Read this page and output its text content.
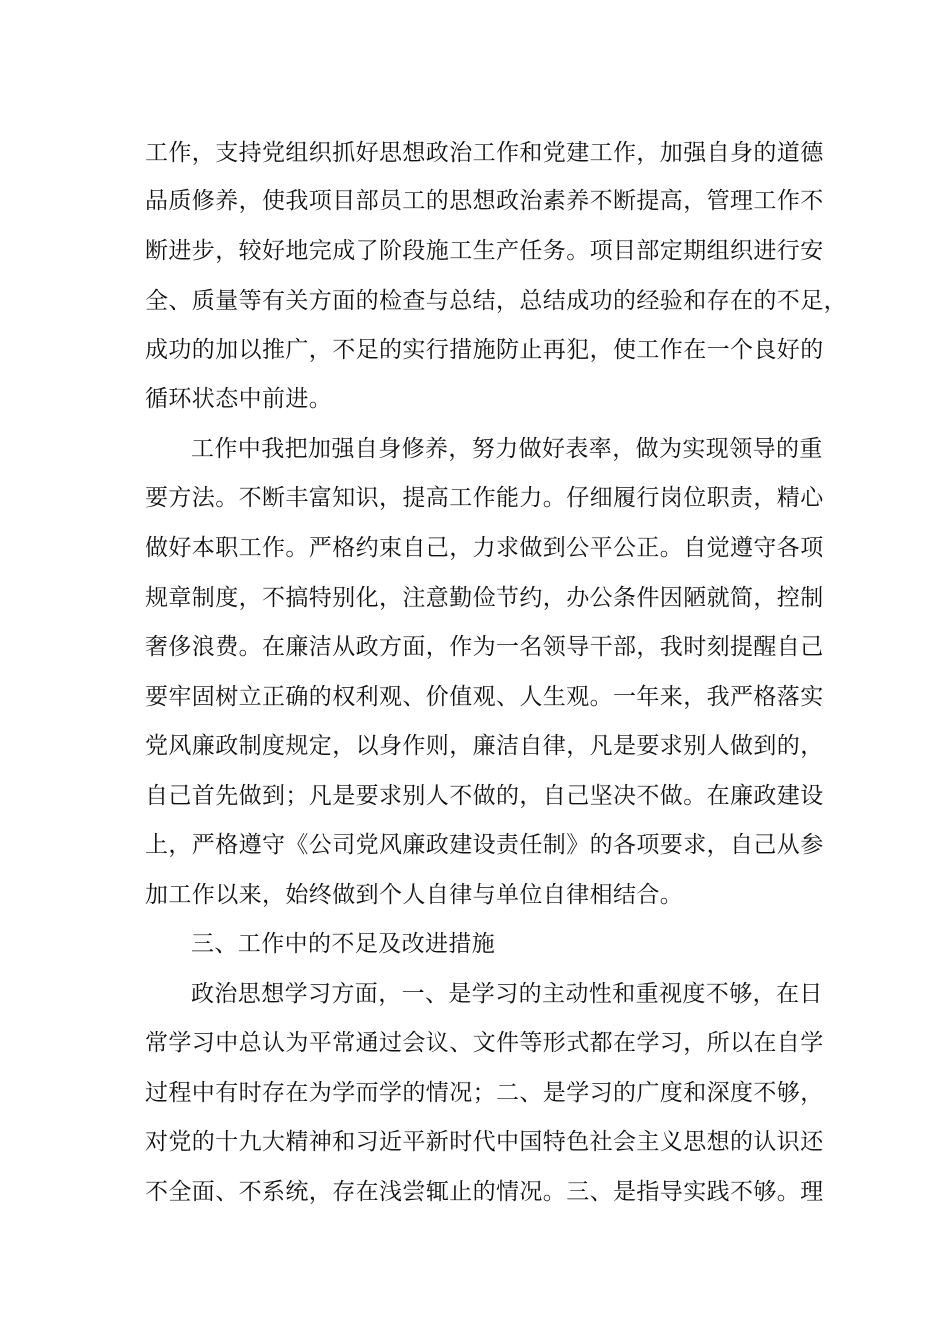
工作，支持党组织抓好思想政治工作和党建工作，加强自身的道德

品质修养，使我项目部员工的思想政治素养不断提高，管理工作不

断进步，较好地完成了阶段施工生产任务。项目部定期组织进行安

全、质量等有关方面的检查与总结，总结成功的经验和存在的不足，

成功的加以推广，不足的实行措施防止再犯，使工作在一个良好的

循环状态中前进。

工作中我把加强自身修养，努力做好表率，做为实现领导的重

要方法。不断丰富知识，提高工作能力。仔细履行岗位职责，精心

做好本职工作。严格约束自己，力求做到公平公正。自觉遵守各项

规章制度，不搞特别化，注意勤俭节约，办公条件因陋就简，控制

奢侈浪费。在廉洁从政方面，作为一名领导干部，我时刻提醒自己

要牢固树立正确的权利观、价值观、人生观。一年来，我严格落实

党风廉政制度规定，以身作则，廉洁自律，凡是要求别人做到的，

自己首先做到；凡是要求别人不做的，自己坚决不做。在廉政建设

上，严格遵守《公司党风廉政建设责任制》的各项要求，自己从参

加工作以来，始终做到个人自律与单位自律相结合。

三、工作中的不足及改进措施

政治思想学习方面，一、是学习的主动性和重视度不够，在日

常学习中总认为平常通过会议、文件等形式都在学习，所以在自学

过程中有时存在为学而学的情况；二、是学习的广度和深度不够，

对党的十九大精神和习近平新时代中国特色社会主义思想的认识还

不全面、不系统，存在浅尝辄止的情况。三、是指导实践不够。理
